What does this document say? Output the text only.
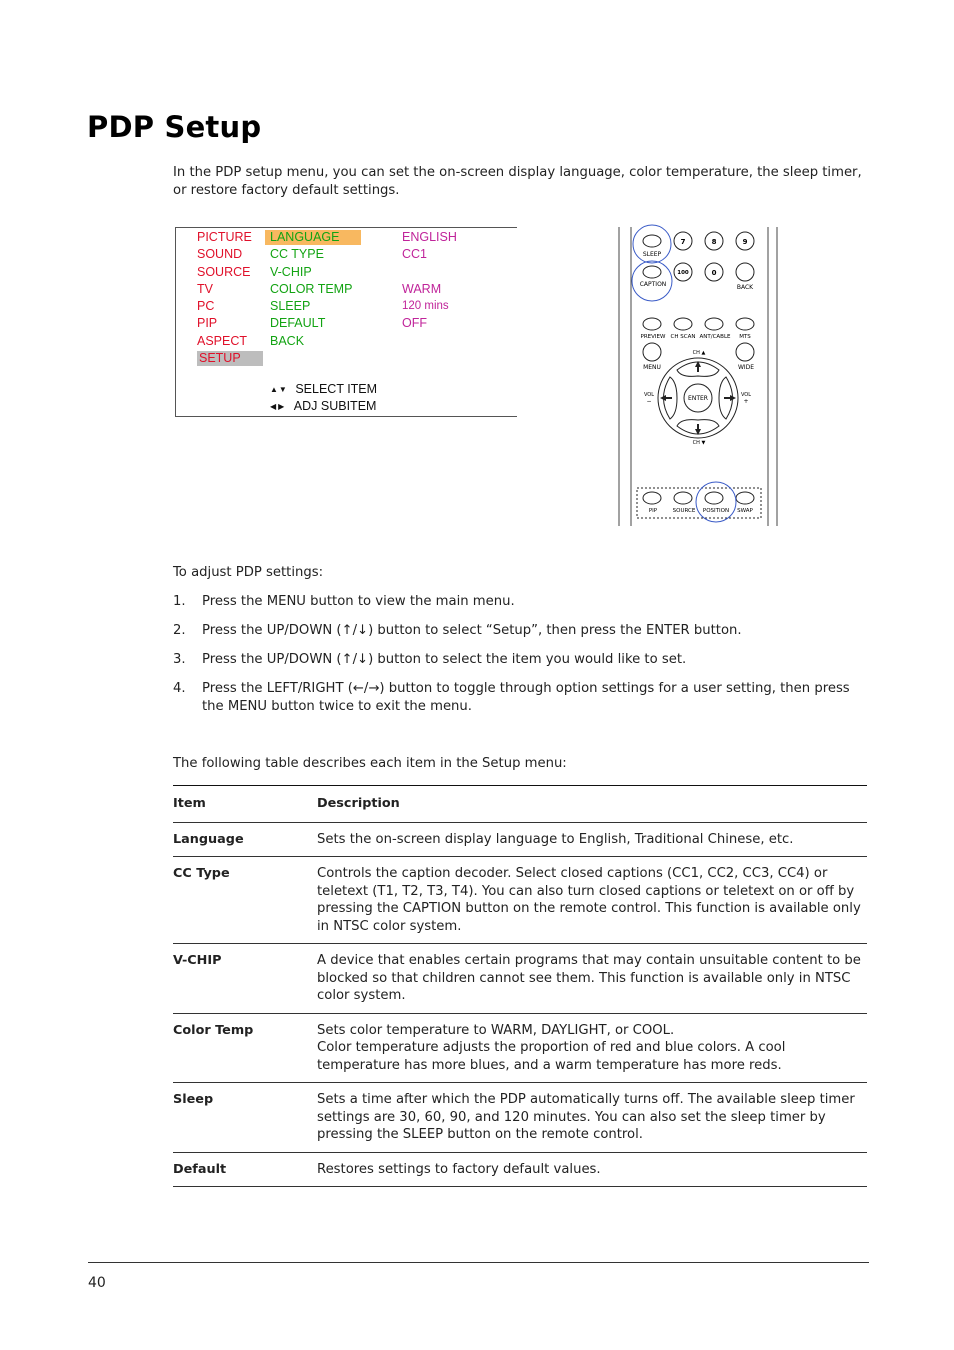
PDP Setup
In the PDP setup menu, you can set the on-screen display language, color temperature, the sleep timer, or restore factory default settings.
PICTURE
SOUND
SOURCE
TV
PC
PIP
ASPECT
SETUP
LANGUAGE
CC TYPE
V-CHIP
COLOR TEMP
SLEEP
DEFAULT
BACK
ENGLISH
CC1
WARM
120 mins
OFF
▲▼ SELECT ITEM
◀▶ ADJ SUBITEM
SLEEP
7	8	9
CAPTION
100	0
BACK
PREVIEW CH SCAN ANT/CABLE MTS
MENU	WIDE
CH ▲
CH ▼
ENTER
VOL
−
VOL
+
PIP	SOURCE POSITION SWAP
To adjust PDP settings:
1. Press the MENU button to view the main menu.
2. Press the UP/DOWN (↑/↓) button to select “Setup”, then press the ENTER button.
3. Press the UP/DOWN (↑/↓) button to select the item you would like to set.
4. Press the LEFT/RIGHT (←/→) button to toggle through option settings for a user setting, then press the MENU button twice to exit the menu.
The following table describes each item in the Setup menu:
Item	Description
Language	Sets the on-screen display language to English, Traditional Chinese, etc.

CC Type	Controls the caption decoder. Select closed captions (CC1, CC2, CC3, CC4) or teletext (T1, T2, T3, T4). You can also turn closed captions or teletext on or off by pressing the CAPTION button on the remote control. This function is available only in NTSC color system.

V-CHIP	A device that enables certain programs that may contain unsuitable content to be blocked so that children cannot see them. This function is available only in NTSC color system.

Color Temp	Sets color temperature to WARM, DAYLIGHT, or COOL.
Color temperature adjusts the proportion of red and blue colors. A cool temperature has more blues, and a warm temperature has more reds.

Sleep	Sets a time after which the PDP automatically turns off. The available sleep timer settings are 30, 60, 90, and 120 minutes. You can also set the sleep timer by pressing the SLEEP button on the remote control.

Default	Restores settings to factory default values.
40
